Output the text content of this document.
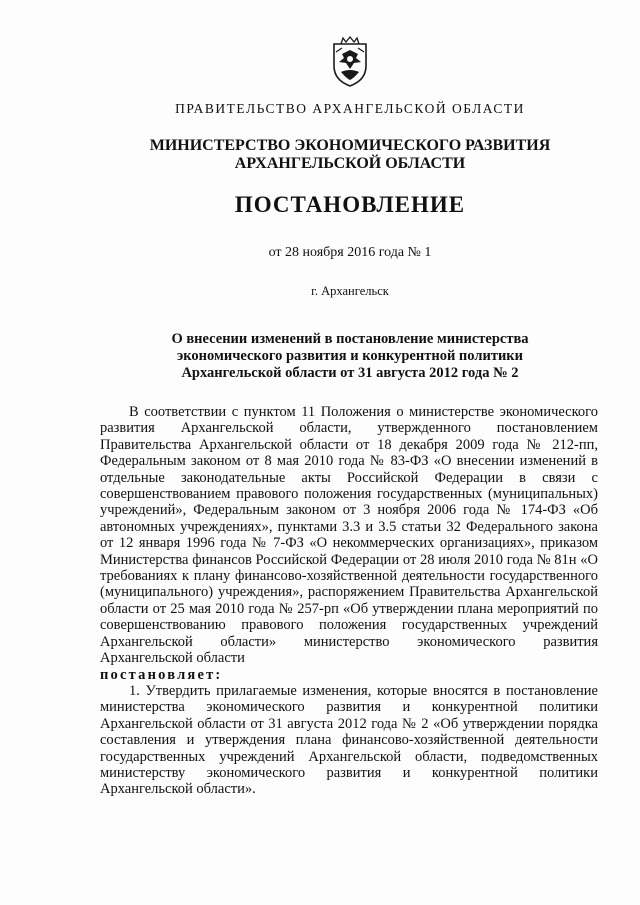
ПРАВИТЕЛЬСТВО АРХАНГЕЛЬСКОЙ ОБЛАСТИ
МИНИСТЕРСТВО ЭКОНОМИЧЕСКОГО РАЗВИТИЯ
АРХАНГЕЛЬСКОЙ ОБЛАСТИ
ПОСТАНОВЛЕНИЕ
от 28 ноября 2016 года № 1
г. Архангельск
О внесении изменений в постановление министерства
экономического развития и конкурентной политики
Архангельской области от 31 августа 2012 года № 2

В соответствии с пунктом 11 Положения о министерстве экономического развития Архангельской области, утвержденного постановлением Правительства Архангельской области от 18 декабря 2009 года № 212-пп, Федеральным законом от 8 мая 2010 года № 83-ФЗ «О внесении изменений в отдельные законодательные акты Российской Федерации в связи с совершенствованием правового положения государственных (муниципальных) учреждений», Федеральным законом от 3 ноября 2006 года № 174-ФЗ «Об автономных учреждениях», пунктами 3.3 и 3.5 статьи 32 Федерального закона от 12 января 1996 года № 7-ФЗ «О некоммерческих организациях», приказом Министерства финансов Российской Федерации от 28 июля 2010 года № 81н «О требованиях к плану финансово-хозяйственной деятельности государственного (муниципального) учреждения», распоряжением Правительства Архангельской области от 25 мая 2010 года № 257-рп «Об утверждении плана мероприятий по совершенствованию правового положения государственных учреждений Архангельской области» министерство экономического развития Архангельской области

постановляет:

1. Утвердить прилагаемые изменения, которые вносятся в постановление министерства экономического развития и конкурентной политики Архангельской области от 31 августа 2012 года № 2 «Об утверждении порядка составления и утверждения плана финансово-хозяйственной деятельности государственных учреждений Архангельской области, подведомственных министерству экономического развития и конкурентной политики Архангельской области».
